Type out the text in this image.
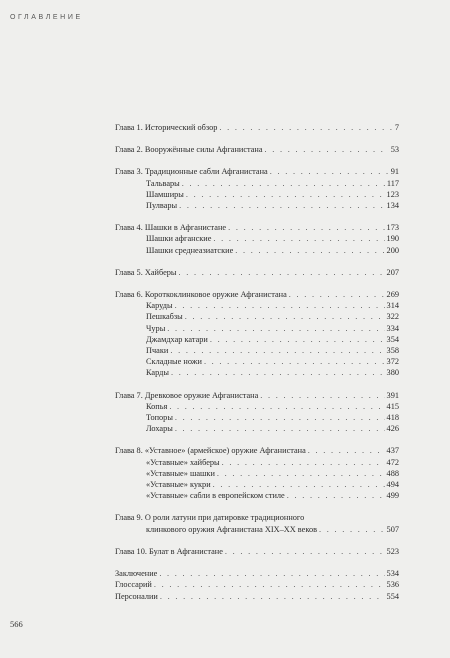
ОГЛАВЛЕНИЕ
Глава 1. Исторический обзор . . .	7
Глава 2. Вооружённые силы Афганистана . . .	53
Глава 3. Традиционные сабли Афганистана . . .	91
Тальвары . . .	117
Шамширы . . .	123
Пулвары . . .	134
Глава 4. Шашки в Афганистане . . .	173
Шашки афганские . . .	190
Шашки среднеазиатские . . .	200
Глава 5. Хайберы . . .	207
Глава 6. Короткоклинковое оружие Афганистана . . .	269
Каруды . . .	314
Пешкабзы . . .	322
Чуры . . .	334
Джамдхар катари . . .	354
Пчаки . . .	358
Складные ножи . . .	372
Карды . . .	380
Глава 7. Древковое оружие Афганистана . . .	391
Копья . . .	415
Топоры . . .	418
Лохары . . .	426
Глава 8. «Уставное» (армейское) оружие Афганистана . . .	437
«Уставные» хайберы . . .	472
«Уставные» шашки . . .	488
«Уставные» кукри . . .	494
«Уставные» сабли в европейском стиле . . .	499
Глава 9. О роли латуни при датировке традиционного
клинкового оружия Афганистана XIX–XX веков . . .	507
Глава 10. Булат в Афганистане . . .	523
Заключение . . .	534
Глоссарий . . .	536
Персоналии . . .	554
566
